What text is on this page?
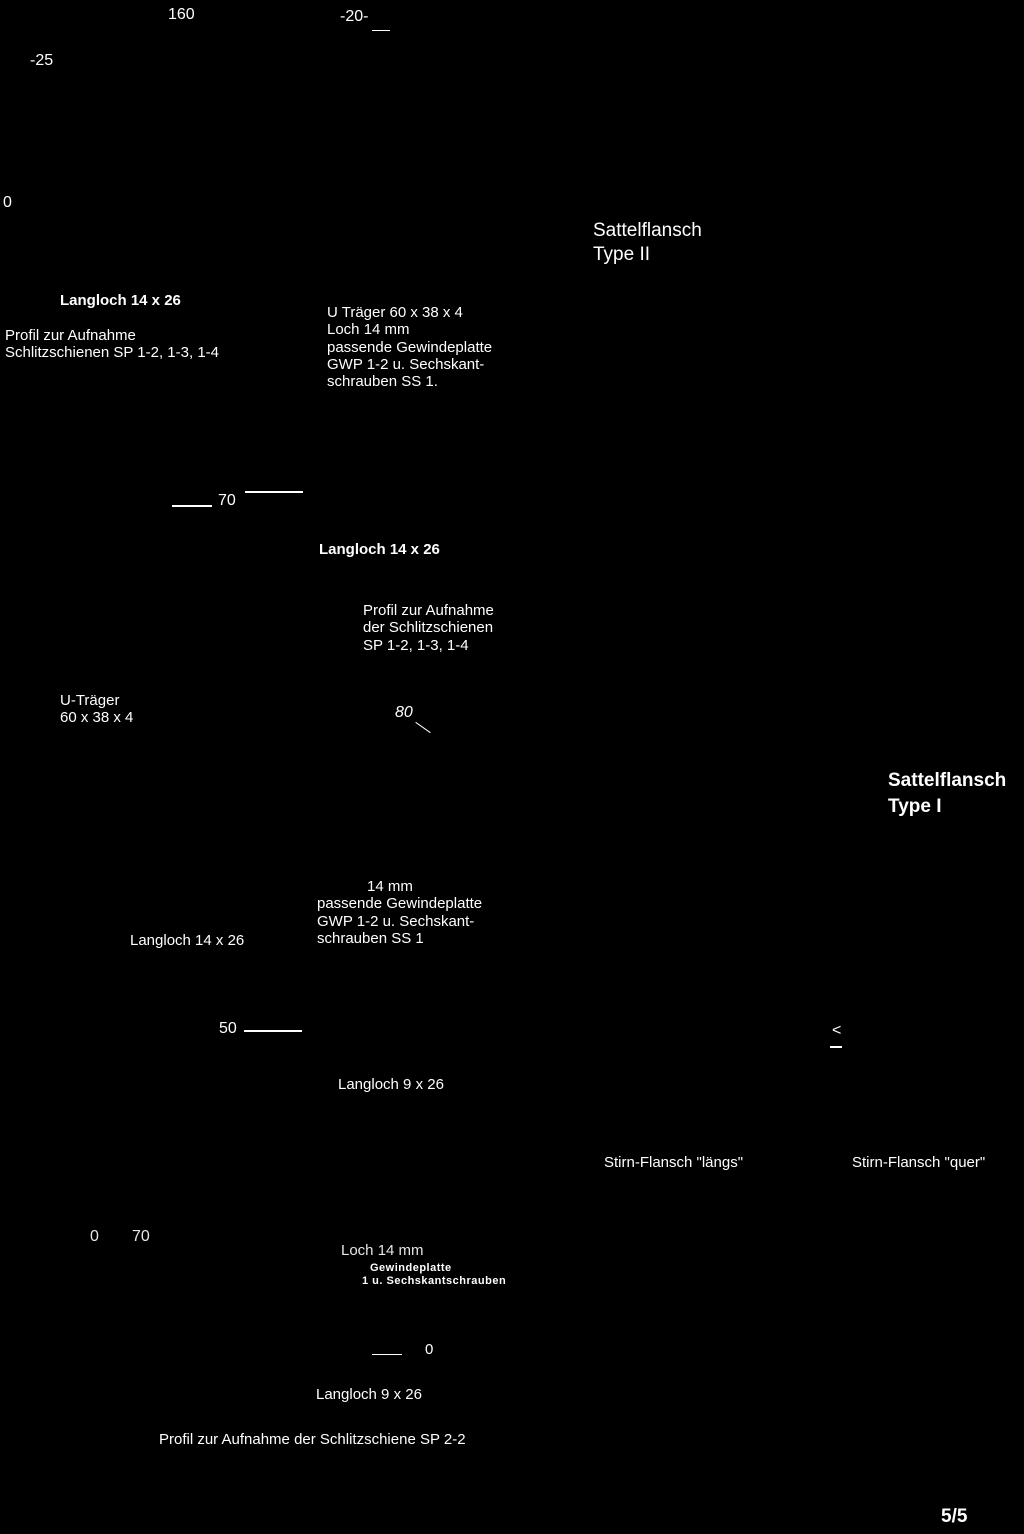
160	-20-
-25
0
Sattelflansch
Type II
Langloch 14 x 26
Profil zur Aufnahme
Schlitzschienen SP 1-2, 1-3, 1-4
U Träger 60 x 38 x 4
Loch 14 mm
passende Gewindeplatte
GWP 1-2 u. Sechskant-
schrauben SS 1.
70
Langloch 14 x 26
Profil zur Aufnahme
der Schlitzschienen
SP 1-2, 1-3, 1-4
U-Träger
60 x 38 x 4	80
Sattelflansch
Type I
14 mm
passende Gewindeplatte
GWP 1-2 u. Sechskant-
schrauben SS 1
Langloch 14 x 26
50	<
Langloch 9 x 26
Stirn-Flansch "längs"	Stirn-Flansch "quer"
0 70
Loch 14 mm
Gewindeplatte
1 u. Sechskantschrauben
0
Langloch 9 x 26
Profil zur Aufnahme der Schlitzschiene SP 2-2
5/5
